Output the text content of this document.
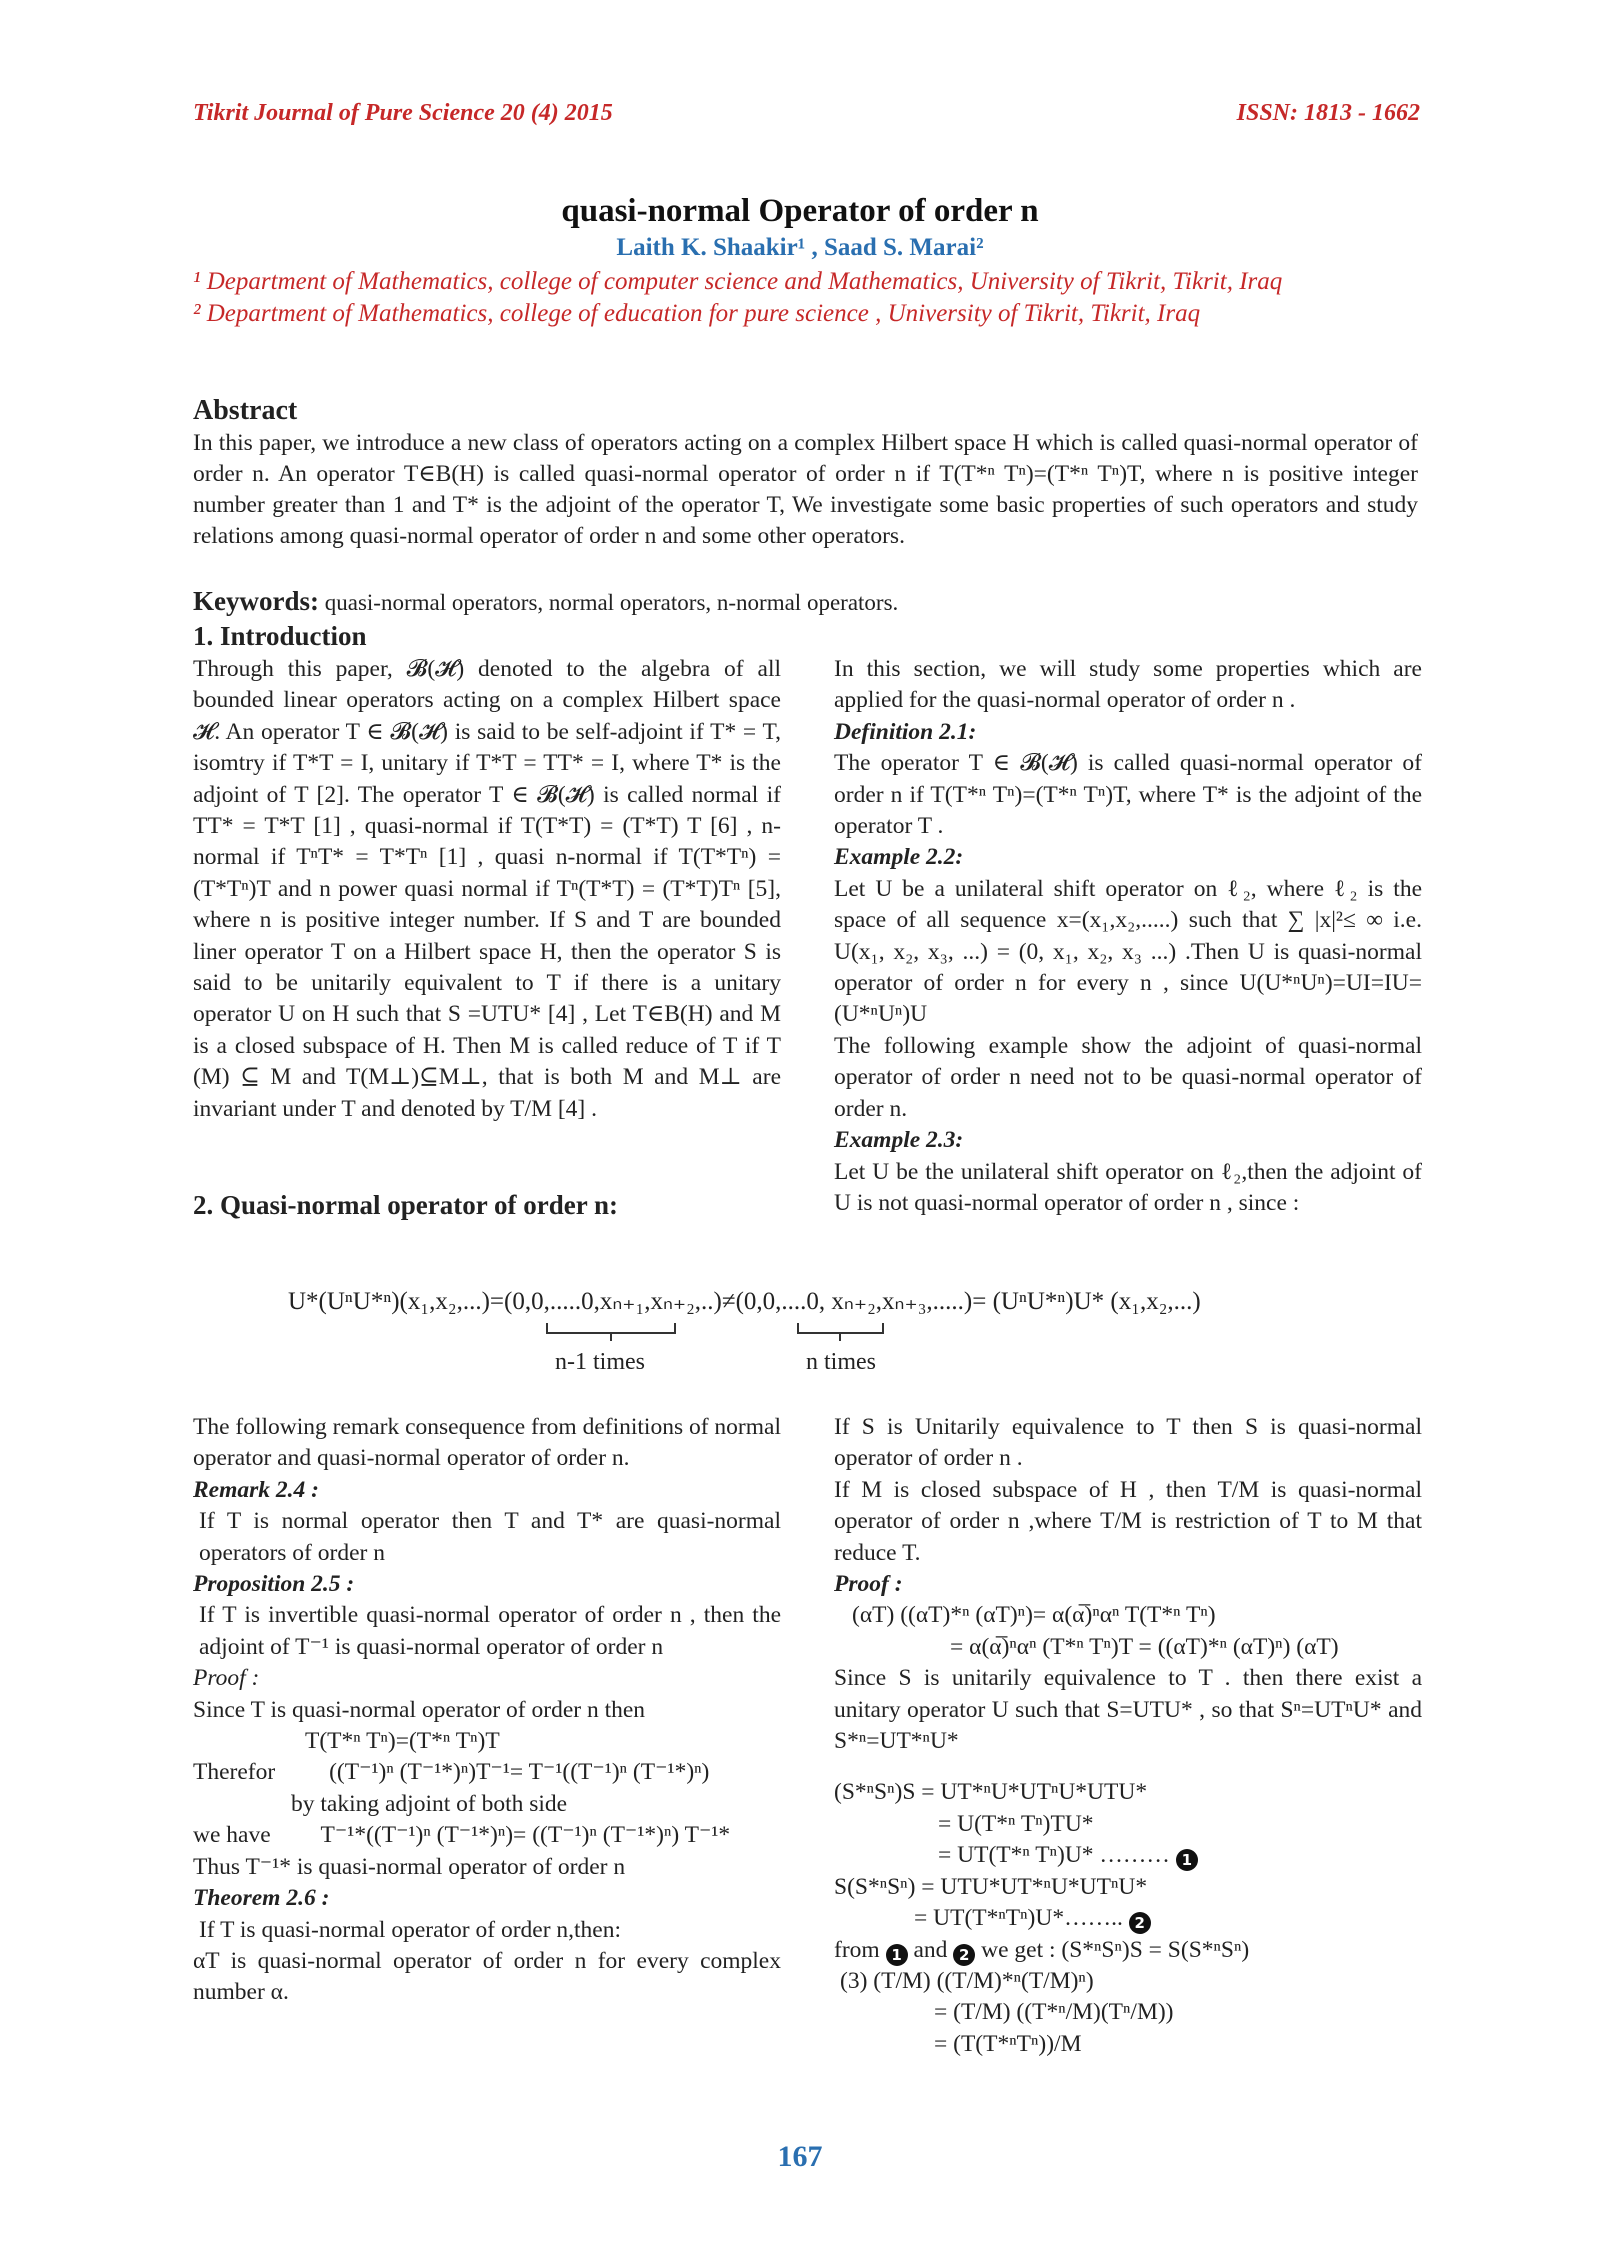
Tikrit Journal of Pure Science 20 (4) 2015	ISSN: 1813 - 1662
quasi-normal Operator of order n
Laith K. Shaakir¹ , Saad S. Marai²
¹ Department of Mathematics, college of computer science and Mathematics, University of Tikrit, Tikrit, Iraq
² Department of Mathematics, college of education for pure science , University of Tikrit, Tikrit, Iraq
Abstract
In this paper, we introduce a new class of operators acting on a complex Hilbert space H which is called quasi-normal operator of order n. An operator T∈B(H) is called quasi-normal operator of order n if T(T*ⁿ Tⁿ)=(T*ⁿ Tⁿ)T, where n is positive integer number greater than 1 and T* is the adjoint of the operator T, We investigate some basic properties of such operators and study relations among quasi-normal operator of order n and some other operators.
Keywords: quasi-normal operators, normal operators, n-normal operators.
1. Introduction
Through this paper, 𝓑(𝓗) denoted to the algebra of all bounded linear operators acting on a complex Hilbert space 𝓗. An operator T ∈ 𝓑(𝓗) is said to be self-adjoint if T* = T, isomtry if T*T = I, unitary if T*T = TT* = I, where T* is the adjoint of T [2]. The operator T ∈ 𝓑(𝓗) is called normal if TT* = T*T [1] , quasi-normal if T(T*T) = (T*T) T [6] , n-normal if TⁿT* = T*Tⁿ [1] , quasi n-normal if T(T*Tⁿ) = (T*Tⁿ)T and n power quasi normal if Tⁿ(T*T) = (T*T)Tⁿ [5], where n is positive integer number. If S and T are bounded liner operator T on a Hilbert space H, then the operator S is said to be unitarily equivalent to T if there is a unitary operator U on H such that S =UTU* [4] , Let T∈B(H) and M is a closed subspace of H. Then M is called reduce of T if T (M) ⊆ M and T(M⊥)⊆M⊥, that is both M and M⊥ are invariant under T and denoted by T/M [4] .
2. Quasi-normal operator of order n:
In this section, we will study some properties which are applied for the quasi-normal operator of order n .
Definition 2.1:
The operator T ∈ 𝓑(𝓗) is called quasi-normal operator of order n if T(T*ⁿ Tⁿ)=(T*ⁿ Tⁿ)T, where T* is the adjoint of the operator T .
Example 2.2:
Let U be a unilateral shift operator on ℓ₂, where ℓ₂ is the space of all sequence x=(x₁,x₂,.....) such that ∑ |x|²≤ ∞ i.e. U(x₁, x₂, x₃, ...) = (0, x₁, x₂, x₃ ...) .Then U is quasi-normal operator of order n for every n , since U(U*ⁿUⁿ)=UI=IU=(U*ⁿUⁿ)U
The following example show the adjoint of quasi-normal operator of order n need not to be quasi-normal operator of order n.
Example 2.3:
Let U be the unilateral shift operator on ℓ₂,then the adjoint of U is not quasi-normal operator of order n , since :
U*(UⁿU*ⁿ)(x₁,x₂,...)=(0,0,.....0,xₙ₊₁,xₙ₊₂,..)≠(0,0,....0, xₙ₊₂,xₙ₊₃,.....)= (UⁿU*ⁿ)U* (x₁,x₂,...)
n-1 times	n times
The following remark consequence from definitions of normal operator and quasi-normal operator of order n.
Remark 2.4 :
If T is normal operator then T and T* are quasi-normal operators of order n
Proposition 2.5 :
If T is invertible quasi-normal operator of order n , then the adjoint of T⁻¹ is quasi-normal operator of order n
Proof :
Since T is quasi-normal operator of order n then
T(T*ⁿ Tⁿ)=(T*ⁿ Tⁿ)T
Therefor ((T⁻¹)ⁿ (T⁻¹*)ⁿ)T⁻¹= T⁻¹((T⁻¹)ⁿ (T⁻¹*)ⁿ)
by taking adjoint of both side
we have T⁻¹*((T⁻¹)ⁿ (T⁻¹*)ⁿ)= ((T⁻¹)ⁿ (T⁻¹*)ⁿ) T⁻¹*
Thus T⁻¹* is quasi-normal operator of order n
Theorem 2.6 :
If T is quasi-normal operator of order n,then:
αT is quasi-normal operator of order n for every complex number α.
If S is Unitarily equivalence to T then S is quasi-normal operator of order n .
If M is closed subspace of H , then T/M is quasi-normal operator of order n ,where T/M is restriction of T to M that reduce T.
Proof :
(αT) ((αT)*ⁿ (αT)ⁿ)= α(α̅)ⁿαⁿ T(T*ⁿ Tⁿ)
= α(α̅)ⁿαⁿ (T*ⁿ Tⁿ)T = ((αT)*ⁿ (αT)ⁿ) (αT)
Since S is unitarily equivalence to T . then there exist a unitary operator U such that S=UTU* , so that Sⁿ=UTⁿU* and S*ⁿ=UT*ⁿU*
(S*ⁿSⁿ)S = UT*ⁿU*UTⁿU*UTU*
= U(T*ⁿ Tⁿ)TU*
= UT(T*ⁿ Tⁿ)U* ……… 1
S(S*ⁿSⁿ) = UTU*UT*ⁿU*UTⁿU*
= UT(T*ⁿTⁿ)U*…….. 2
from 1 and 2 we get : (S*ⁿSⁿ)S = S(S*ⁿSⁿ)
(3) (T/M) ((T/M)*ⁿ(T/M)ⁿ)
= (T/M) ((T*ⁿ/M)(Tⁿ/M))
= (T(T*ⁿTⁿ))/M
167
